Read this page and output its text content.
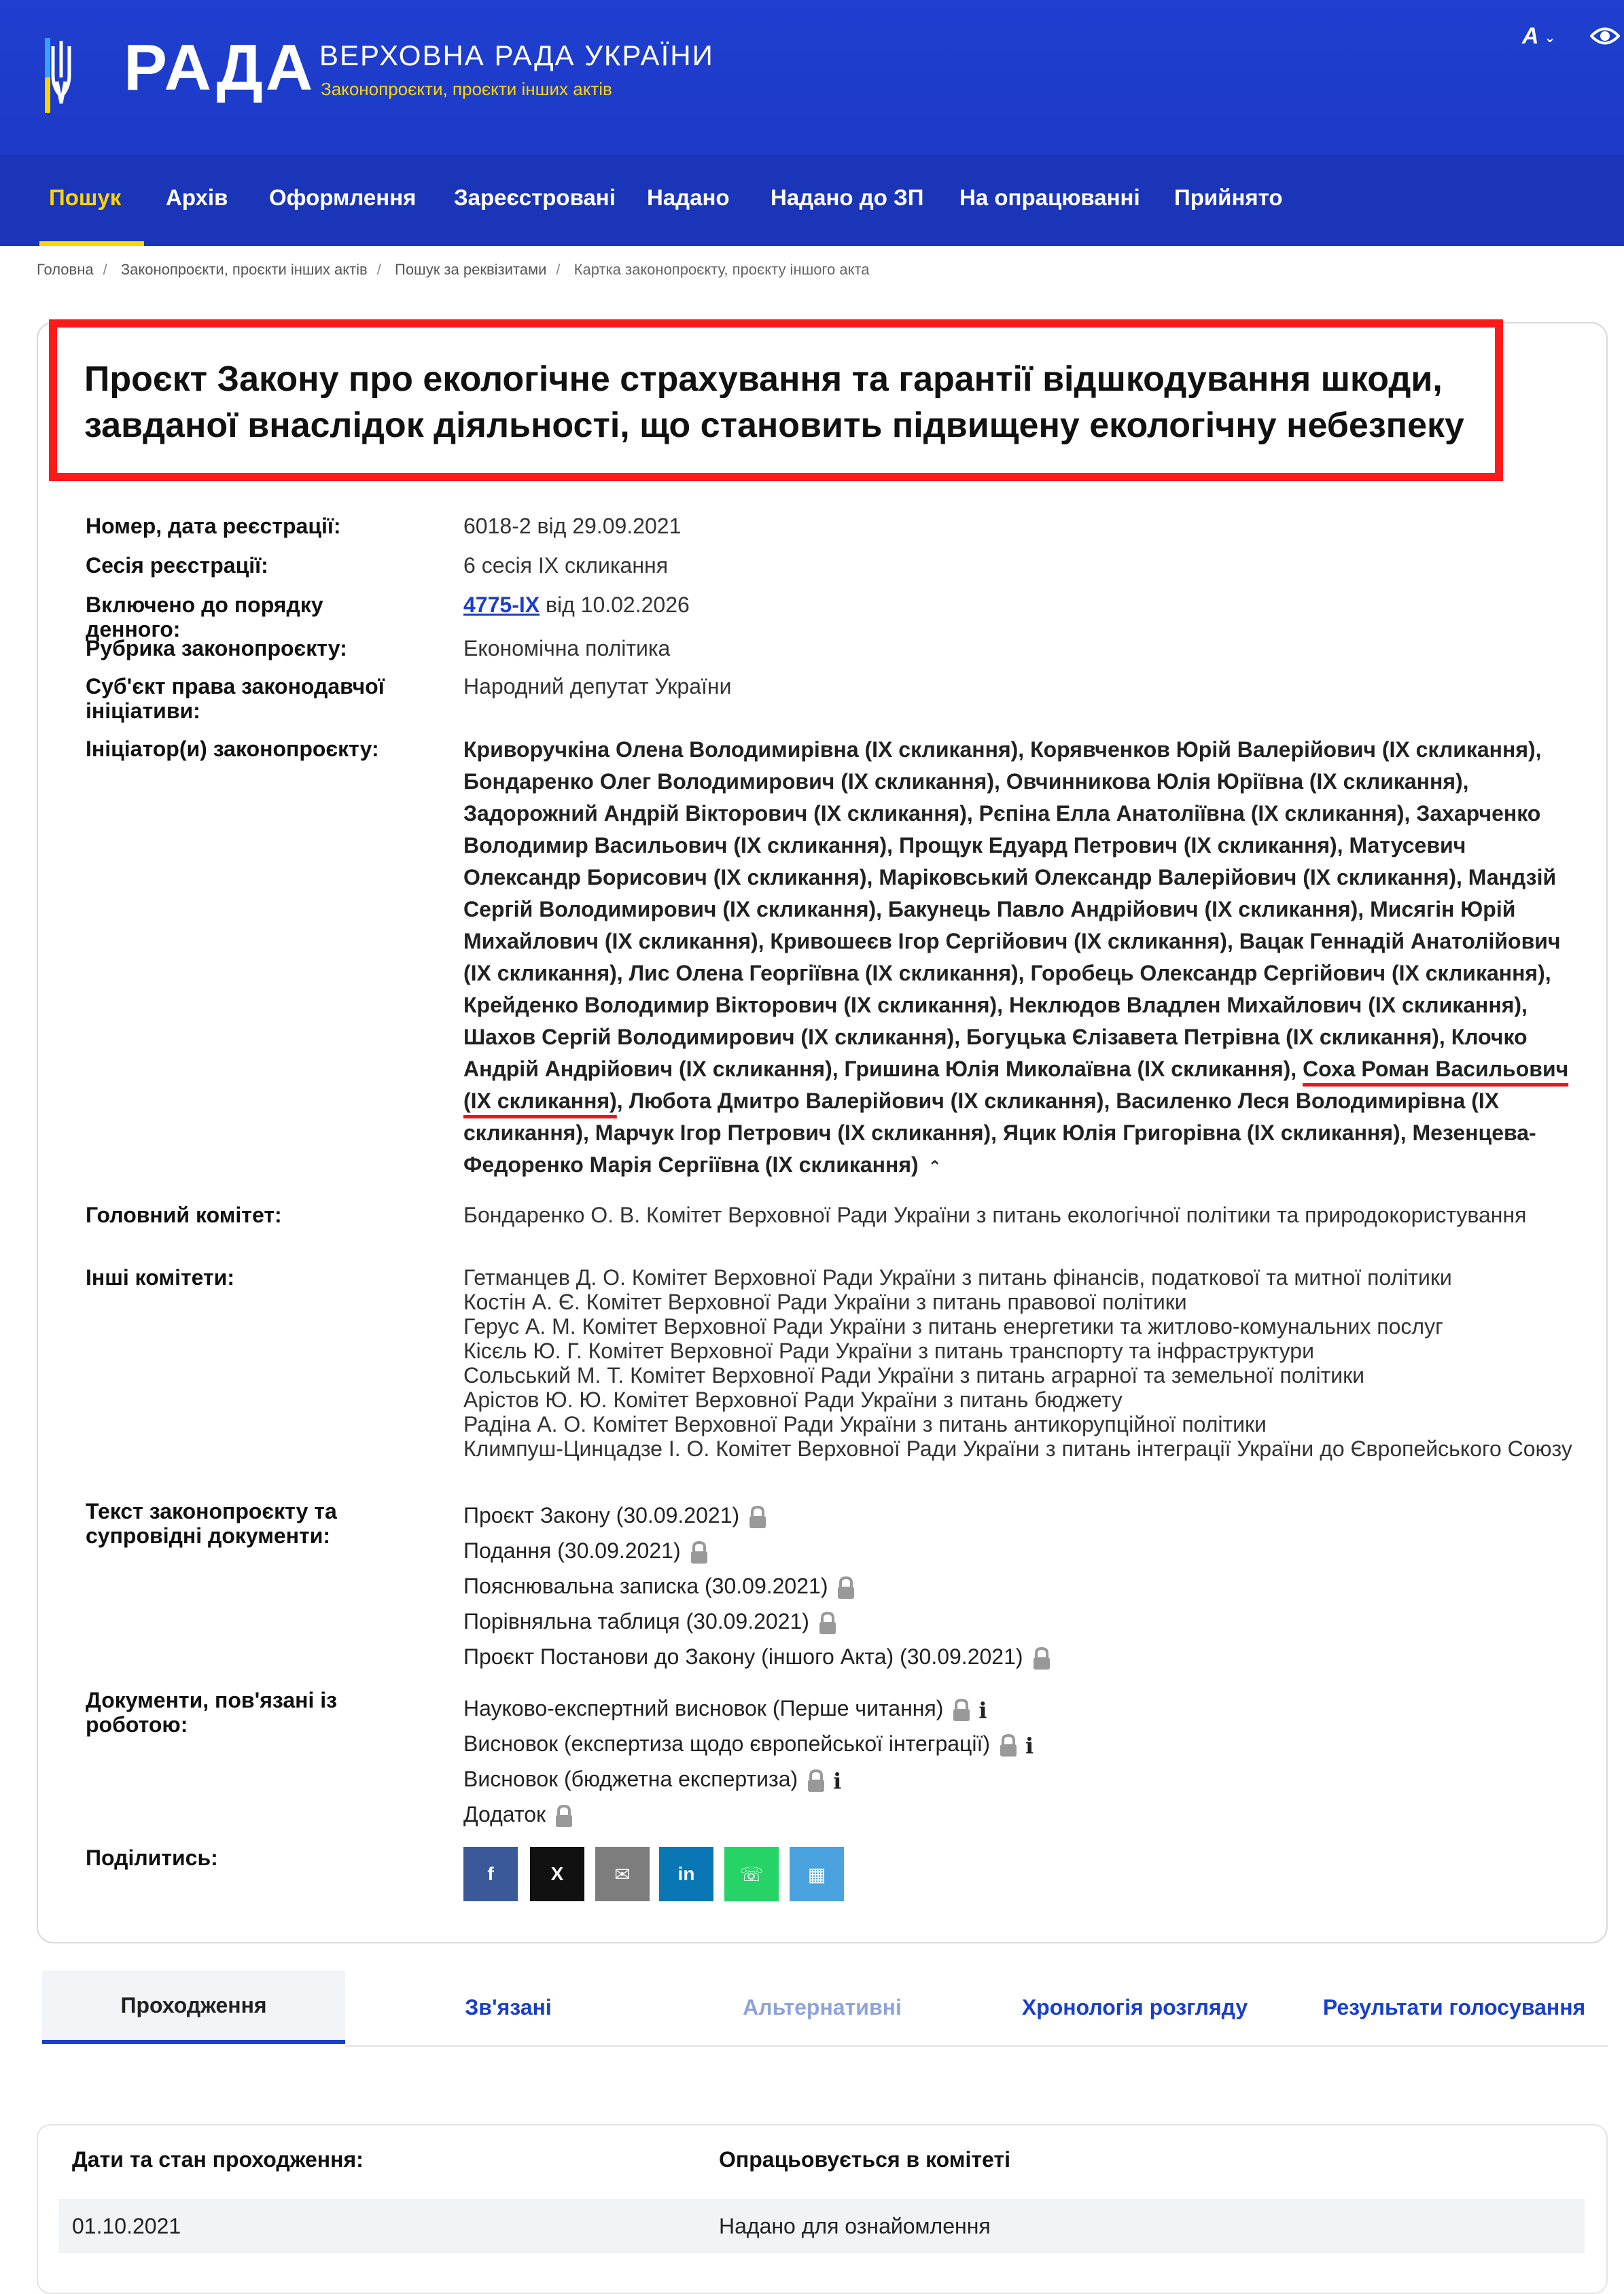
РАДА ВЕРХОВНА РАДА УКРАЇНИ
Законопроєкти, проєкти інших актів
A ⌄
Пошук Архів Оформлення Зареєстровані Надано Надано до ЗП На опрацюванні Прийнято
Головна / Законопроєкти, проєкти інших актів / Пошук за реквізитами / Картка законопроєкту, проєкту іншого акта
Проєкт Закону про екологічне страхування та гарантії відшкодування шкоди, завданої внаслідок діяльності, що становить підвищену екологічну небезпеку
Номер, дата реєстрації:	6018-2 від 29.09.2021
Сесія реєстрації:	6 сесія IX скликання
Включено до порядку денного:
4775-IX від 10.02.2026
Рубрика законопроєкту:	Економічна політика
Суб'єкт права законодавчої ініціативи:
Народний депутат України
Ініціатор(и) законопроєкту:	Криворучкіна Олена Володимирівна (IX скликання), Корявченков Юрій Валерійович (IX скликання), Бондаренко Олег Володимирович (IX скликання), Овчинникова Юлія Юріївна (IX скликання), Задорожний Андрій Вікторович (IX скликання), Рєпіна Елла Анатоліївна (IX скликання), Захарченко Володимир Васильович (IX скликання), Прощук Едуард Петрович (IX скликання), Матусевич Олександр Борисович (IX скликання), Маріковський Олександр Валерійович (IX скликання), Мандзій Сергій Володимирович (IX скликання), Бакунець Павло Андрійович (IX скликання), Мисягін Юрій Михайлович (IX скликання), Кривошеєв Ігор Сергійович (IX скликання), Вацак Геннадій Анатолійович (IX скликання), Лис Олена Георгіївна (IX скликання), Горобець Олександр Сергійович (IX скликання), Крейденко Володимир Вікторович (IX скликання), Неклюдов Владлен Михайлович (IX скликання), Шахов Сергій Володимирович (IX скликання), Богуцька Єлізавета Петрівна (IX скликання), Клочко Андрій Андрійович (IX скликання), Гришина Юлія Миколаївна (IX скликання), Соха Роман Васильович (IX скликання), Любота Дмитро Валерійович (IX скликання), Василенко Леся Володимирівна (IX скликання), Марчук Ігор Петрович (IX скликання), Яцик Юлія Григорівна (IX скликання), Мезенцева-Федоренко Марія Сергіївна (IX скликання) ⌃
Головний комітет:	Бондаренко О. В. Комітет Верховної Ради України з питань екологічної політики та природокористування
Інші комітети:	Гетманцев Д. О. Комітет Верховної Ради України з питань фінансів, податкової та митної політики
Костін А. Є. Комітет Верховної Ради України з питань правової політики
Герус А. М. Комітет Верховної Ради України з питань енергетики та житлово-комунальних послуг
Кісєль Ю. Г. Комітет Верховної Ради України з питань транспорту та інфраструктури
Сольський М. Т. Комітет Верховної Ради України з питань аграрної та земельної політики
Арістов Ю. Ю. Комітет Верховної Ради України з питань бюджету
Радіна А. О. Комітет Верховної Ради України з питань антикорупційної політики
Климпуш-Цинцадзе І. О. Комітет Верховної Ради України з питань інтеграції України до Європейського Союзу
Текст законопроєкту та супровідні документи:
Проєкт Закону (30.09.2021)
Подання (30.09.2021)
Пояснювальна записка (30.09.2021)
Порівняльна таблиця (30.09.2021)
Проєкт Постанови до Закону (іншого Акта) (30.09.2021)
Документи, пов'язані із роботою:
Науково-експертний висновок (Перше читання) i
Висновок (експертиза щодо європейської інтеграції) i
Висновок (бюджетна експертиза) i
Додаток
Поділитись:
f	X	✉ in ☏ ▦
Проходження	Зв'язані	Альтернативні	Хронологія розгляду	Результати голосування
Дати та стан проходження:	Опрацьовується в комітеті
01.10.2021	Надано для ознайомлення
